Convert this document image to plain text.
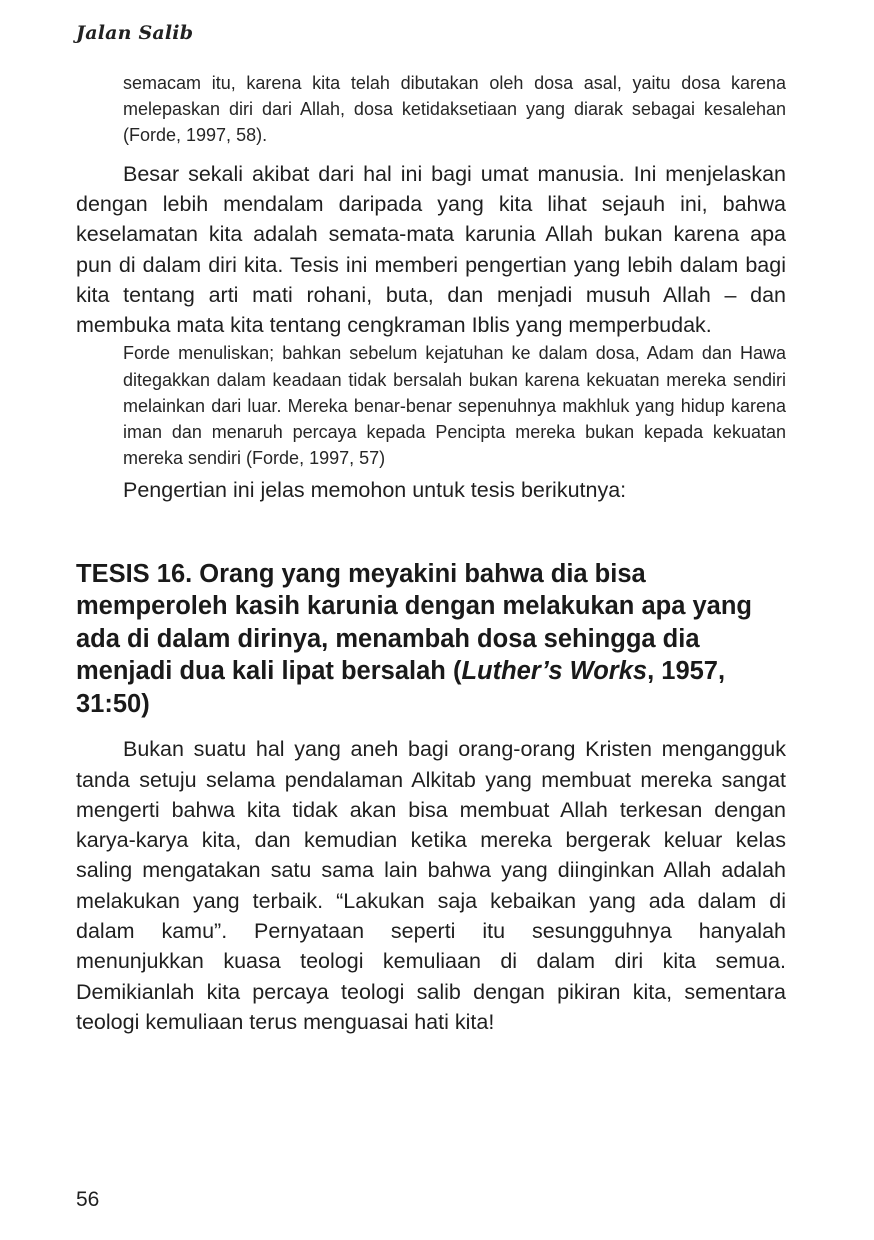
Jalan Salib

semacam itu, karena kita telah dibutakan oleh dosa asal, yaitu dosa karena melepaskan diri dari Allah, dosa ketidaksetiaan yang diarak sebagai kesalehan (Forde, 1997, 58).

Besar sekali akibat dari hal ini bagi umat manusia. Ini menjelaskan dengan lebih mendalam daripada yang kita lihat sejauh ini, bahwa keselamatan kita adalah semata-mata karunia Allah bukan karena apa pun di dalam diri kita. Tesis ini memberi pengertian yang lebih dalam bagi kita tentang arti mati rohani, buta, dan menjadi musuh Allah – dan membuka mata kita tentang cengkraman Iblis yang memperbudak.

Forde menuliskan; bahkan sebelum kejatuhan ke dalam dosa, Adam dan Hawa ditegakkan dalam keadaan tidak bersalah bukan karena kekuatan mereka sendiri melainkan dari luar. Mereka benar-benar sepenuhnya makhluk yang hidup karena iman dan menaruh percaya kepada Pencipta mereka bukan kepada kekuatan mereka sendiri (Forde, 1997, 57)

Pengertian ini jelas memohon untuk tesis berikutnya:

TESIS 16. Orang yang meyakini bahwa dia bisa memperoleh kasih karunia dengan melakukan apa yang ada di dalam dirinya, menambah dosa sehingga dia menjadi dua kali lipat bersalah (Luther’s Works, 1957, 31:50)

Bukan suatu hal yang aneh bagi orang-orang Kristen mengangguk tanda setuju selama pendalaman Alkitab yang membuat mereka sangat mengerti bahwa kita tidak akan bisa membuat Allah terkesan dengan karya-karya kita, dan kemudian ketika mereka bergerak keluar kelas saling mengatakan satu sama lain bahwa yang diinginkan Allah adalah melakukan yang terbaik. “Lakukan saja kebaikan yang ada dalam di dalam kamu”. Pernyataan seperti itu sesungguhnya hanyalah menunjukkan kuasa teologi kemuliaan di dalam diri kita semua. Demikianlah kita percaya teologi salib dengan pikiran kita, sementara teologi kemuliaan terus menguasai hati kita!

56
